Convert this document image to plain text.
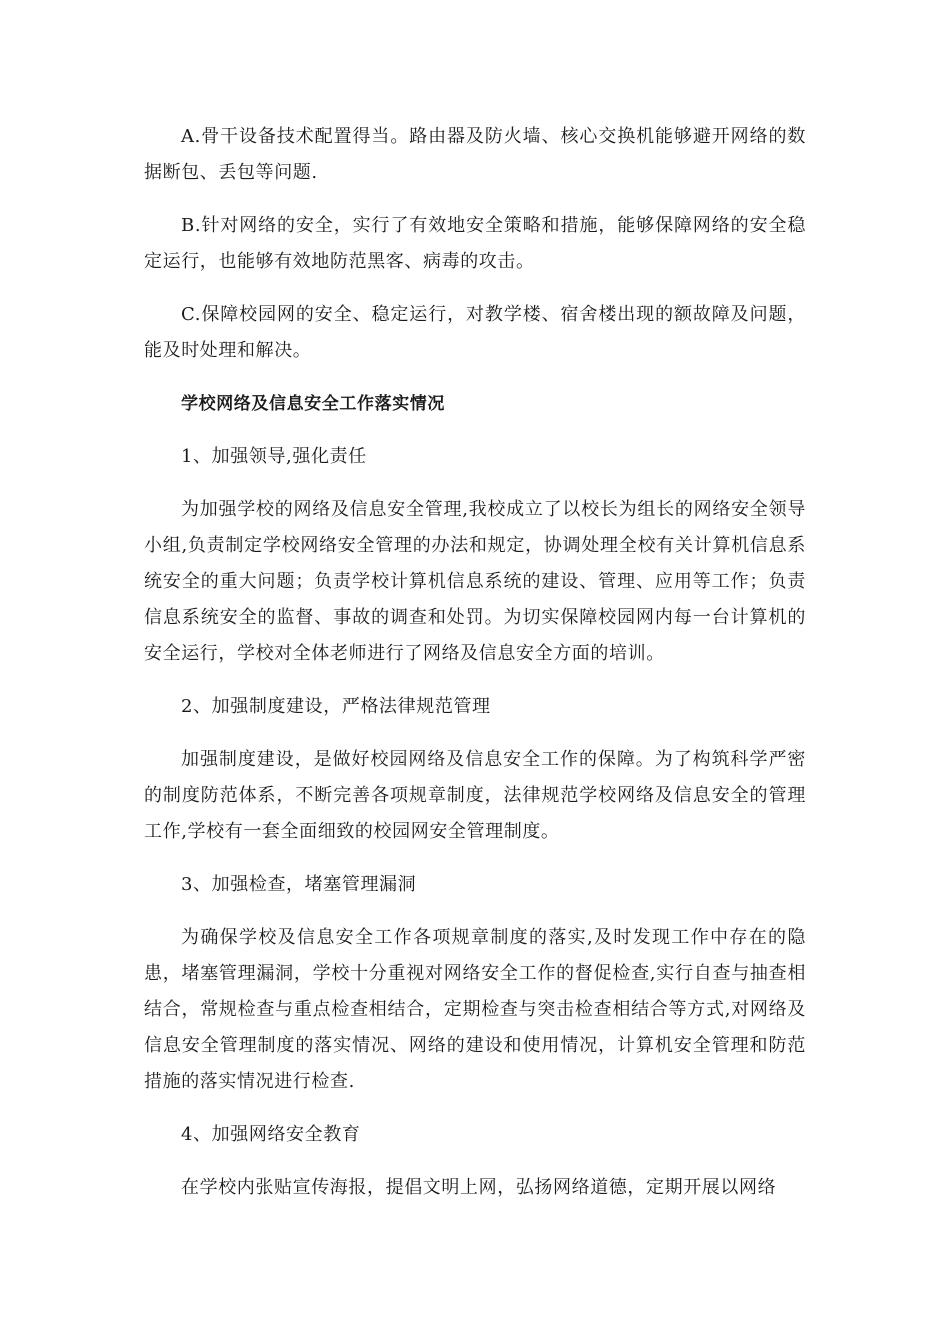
A.骨干设备技术配置得当。路由器及防火墙、核心交换机能够避开网络的数据断包、丢包等问题.

B.针对网络的安全，实行了有效地安全策略和措施，能够保障网络的安全稳定运行，也能够有效地防范黑客、病毒的攻击。

C.保障校园网的安全、稳定运行，对教学楼、宿舍楼出现的额故障及问题，能及时处理和解决。

学校网络及信息安全工作落实情况

1、加强领导,强化责任

为加强学校的网络及信息安全管理,我校成立了以校长为组长的网络安全领导小组,负责制定学校网络安全管理的办法和规定，协调处理全校有关计算机信息系统安全的重大问题；负责学校计算机信息系统的建设、管理、应用等工作；负责信息系统安全的监督、事故的调查和处罚。为切实保障校园网内每一台计算机的安全运行，学校对全体老师进行了网络及信息安全方面的培训。

2、加强制度建设，严格法律规范管理

加强制度建设，是做好校园网络及信息安全工作的保障。为了构筑科学严密的制度防范体系，不断完善各项规章制度，法律规范学校网络及信息安全的管理工作,学校有一套全面细致的校园网安全管理制度。

3、加强检查，堵塞管理漏洞

为确保学校及信息安全工作各项规章制度的落实,及时发现工作中存在的隐患，堵塞管理漏洞，学校十分重视对网络安全工作的督促检查,实行自查与抽查相结合，常规检查与重点检查相结合，定期检查与突击检查相结合等方式,对网络及信息安全管理制度的落实情况、网络的建设和使用情况，计算机安全管理和防范措施的落实情况进行检查.

4、加强网络安全教育

在学校内张贴宣传海报，提倡文明上网，弘扬网络道德，定期开展以网络
